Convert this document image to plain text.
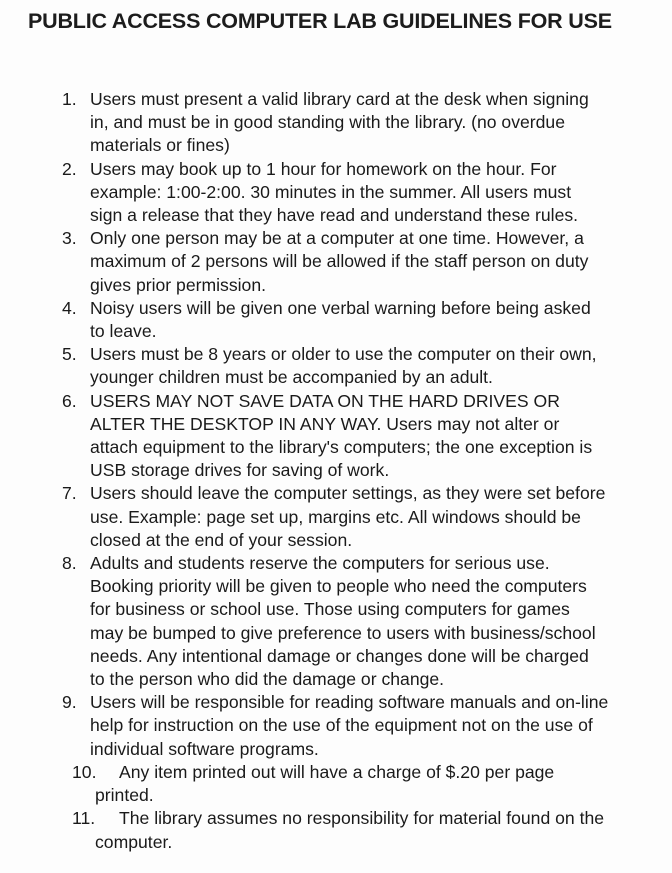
PUBLIC ACCESS COMPUTER LAB GUIDELINES FOR USE
1. Users must present a valid library card at the desk when signing
in, and must be in good standing with the library. (no overdue
materials or fines)
2. Users may book up to 1 hour for homework on the hour. For
example: 1:00-2:00. 30 minutes in the summer. All users must
sign a release that they have read and understand these rules.
3. Only one person may be at a computer at one time. However, a
maximum of 2 persons will be allowed if the staff person on duty
gives prior permission.
4. Noisy users will be given one verbal warning before being asked
to leave.
5. Users must be 8 years or older to use the computer on their own,
younger children must be accompanied by an adult.
6. USERS MAY NOT SAVE DATA ON THE HARD DRIVES OR
ALTER THE DESKTOP IN ANY WAY. Users may not alter or
attach equipment to the library's computers; the one exception is
USB storage drives for saving of work.
7. Users should leave the computer settings, as they were set before
use. Example: page set up, margins etc. All windows should be
closed at the end of your session.
8. Adults and students reserve the computers for serious use.
Booking priority will be given to people who need the computers
for business or school use. Those using computers for games
may be bumped to give preference to users with business/school
needs. Any intentional damage or changes done will be charged
to the person who did the damage or change.
9. Users will be responsible for reading software manuals and on-line
help for instruction on the use of the equipment not on the use of
individual software programs.
10.	Any item printed out will have a charge of $.20 per page
printed.
11.	The library assumes no responsibility for material found on the
computer.
